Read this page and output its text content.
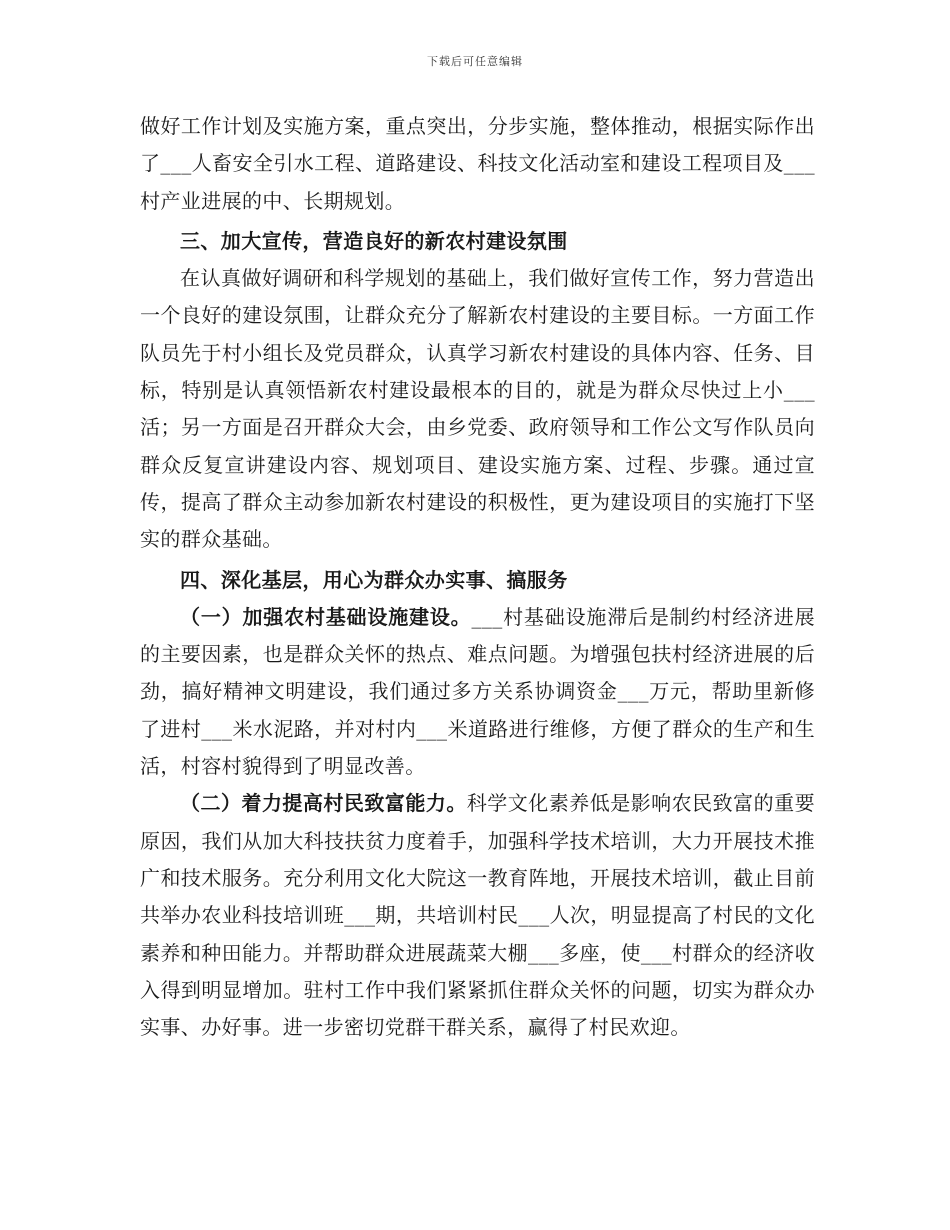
下载后可任意编辑

做好工作计划及实施方案，重点突出，分步实施，整体推动，根据实际作出了___人畜安全引水工程、道路建设、科技文化活动室和建设工程项目及___村产业进展的中、长期规划。

三、加大宣传，营造良好的新农村建设氛围

在认真做好调研和科学规划的基础上，我们做好宣传工作，努力营造出一个良好的建设氛围，让群众充分了解新农村建设的主要目标。一方面工作队员先于村小组长及党员群众，认真学习新农村建设的具体内容、任务、目标，特别是认真领悟新农村建设最根本的目的，就是为群众尽快过上小___活；另一方面是召开群众大会，由乡党委、政府领导和工作公文写作队员向群众反复宣讲建设内容、规划项目、建设实施方案、过程、步骤。通过宣传，提高了群众主动参加新农村建设的积极性，更为建设项目的实施打下坚实的群众基础。

四、深化基层，用心为群众办实事、搞服务

（一）加强农村基础设施建设。___村基础设施滞后是制约村经济进展的主要因素，也是群众关怀的热点、难点问题。为增强包扶村经济进展的后劲，搞好精神文明建设，我们通过多方关系协调资金___万元，帮助里新修了进村___米水泥路，并对村内___米道路进行维修，方便了群众的生产和生活，村容村貌得到了明显改善。

（二）着力提高村民致富能力。科学文化素养低是影响农民致富的重要原因，我们从加大科技扶贫力度着手，加强科学技术培训，大力开展技术推广和技术服务。充分利用文化大院这一教育阵地，开展技术培训，截止目前共举办农业科技培训班___期，共培训村民___人次，明显提高了村民的文化素养和种田能力。并帮助群众进展蔬菜大棚___多座，使___村群众的经济收入得到明显增加。驻村工作中我们紧紧抓住群众关怀的问题，切实为群众办实事、办好事。进一步密切党群干群关系，赢得了村民欢迎。
